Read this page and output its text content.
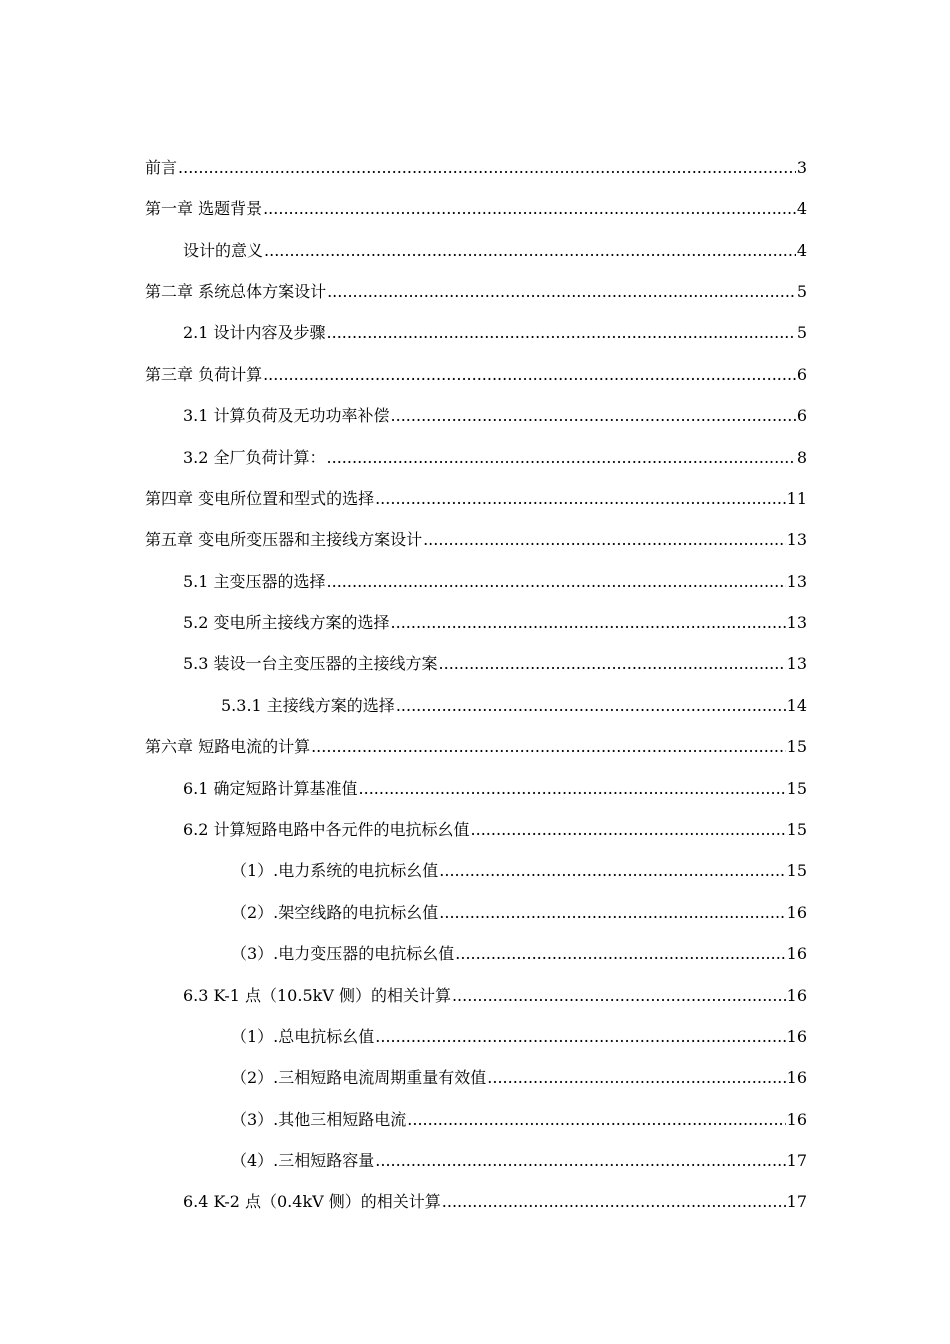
前言 .....	3
第一章 选题背景 .....	4
设计的意义 .....	4
第二章 系统总体方案设计 .....	5
2.1 设计内容及步骤 .....	5
第三章 负荷计算 .....	6
3.1 计算负荷及无功功率补偿 .....	6
3.2 全厂负荷计算： .....	8
第四章 变电所位置和型式的选择 .....	11
第五章 变电所变压器和主接线方案设计 .....	13
5.1 主变压器的选择 .....	13
5.2 变电所主接线方案的选择 .....	13
5.3 装设一台主变压器的主接线方案 .....	13
5.3.1 主接线方案的选择 .....	14
第六章 短路电流的计算 .....	15
6.1 确定短路计算基准值 .....	15
6.2 计算短路电路中各元件的电抗标幺值 .....	15
（1）.电力系统的电抗标幺值 .....	15
（2）.架空线路的电抗标幺值 .....	16
（3）.电力变压器的电抗标幺值 .....	16
6.3 K-1 点（10.5kV 侧）的相关计算 .....	16
（1）.总电抗标幺值 .....	16
（2）.三相短路电流周期重量有效值 .....	16
（3）.其他三相短路电流 .....	16
（4）.三相短路容量 .....	17
6.4 K-2 点（0.4kV 侧）的相关计算 .....	17
